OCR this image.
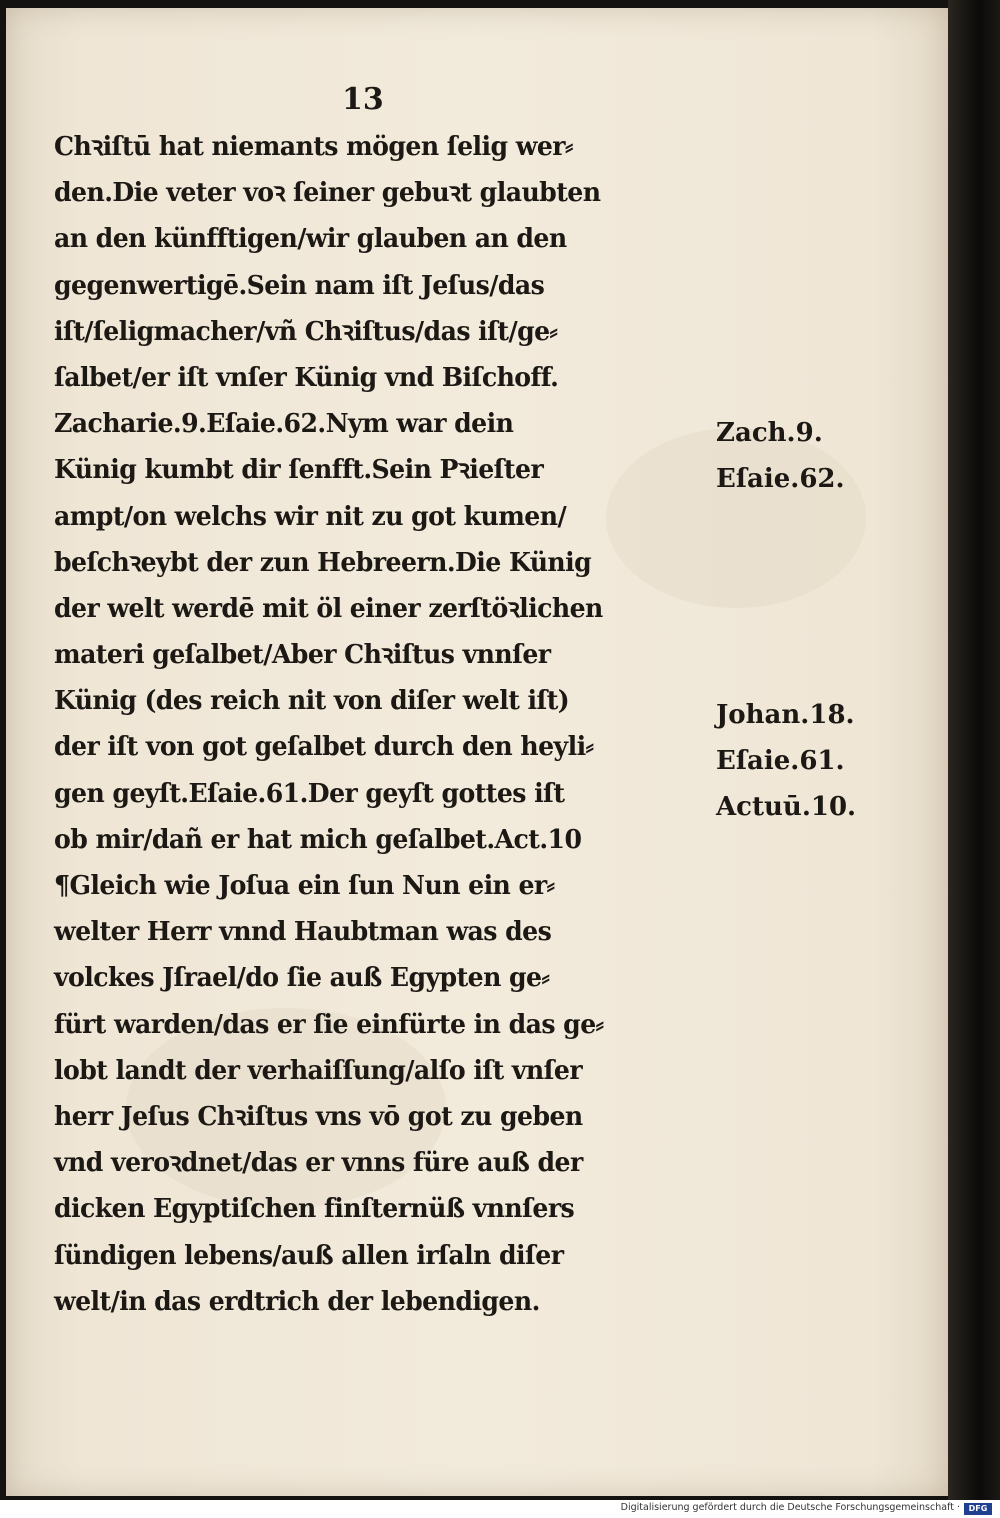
13
Chꝛiſtū hat niemants mögen ſelig wer⸗
den.Die veter voꝛ ſeiner gebuꝛt glaubten
an den künfftigen/wir glauben an den
gegenwertigē.Sein nam iſt Jeſus/das
iſt/ſeligmacher/vñ Chꝛiſtus/das iſt/ge⸗
ſalbet/er iſt vnſer Künig vnd Biſchoff.
Zacharie.9.Eſaie.62.Nym war dein
Künig kumbt dir ſenfft.Sein Pꝛieſter
ampt/on welchs wir nit zu got kumen/
beſchꝛeybt der zun Hebreern.Die Künig
der welt werdē mit öl einer zerſtöꝛlichen
materi geſalbet/Aber Chꝛiſtus vnnſer
Künig (des reich nit von diſer welt iſt)
der iſt von got geſalbet durch den heyli⸗
gen geyſt.Eſaie.61.Der geyſt gottes iſt
ob mir/dañ er hat mich geſalbet.Act.10
¶Gleich wie Joſua ein ſun Nun ein er⸗
welter Herr vnnd Haubtman was des
volckes Jſrael/do ſie auß Egypten ge⸗
fürt warden/das er ſie einfürte in das ge⸗
lobt landt der verhaiſſung/alſo iſt vnſer
herr Jeſus Chꝛiſtus vns vō got zu geben
vnd veroꝛdnet/das er vnns füre auß der
dicken Egyptiſchen finſternüß vnnſers
ſündigen lebens/auß allen irſaln diſer
welt/in das erdtrich der lebendigen.
Zach.9.
Eſaie.62.
Johan.18.
Eſaie.61.
Actuū.10.
Digitalisierung gefördert durch die Deutsche Forschungsgemeinschaft ·	DFG
